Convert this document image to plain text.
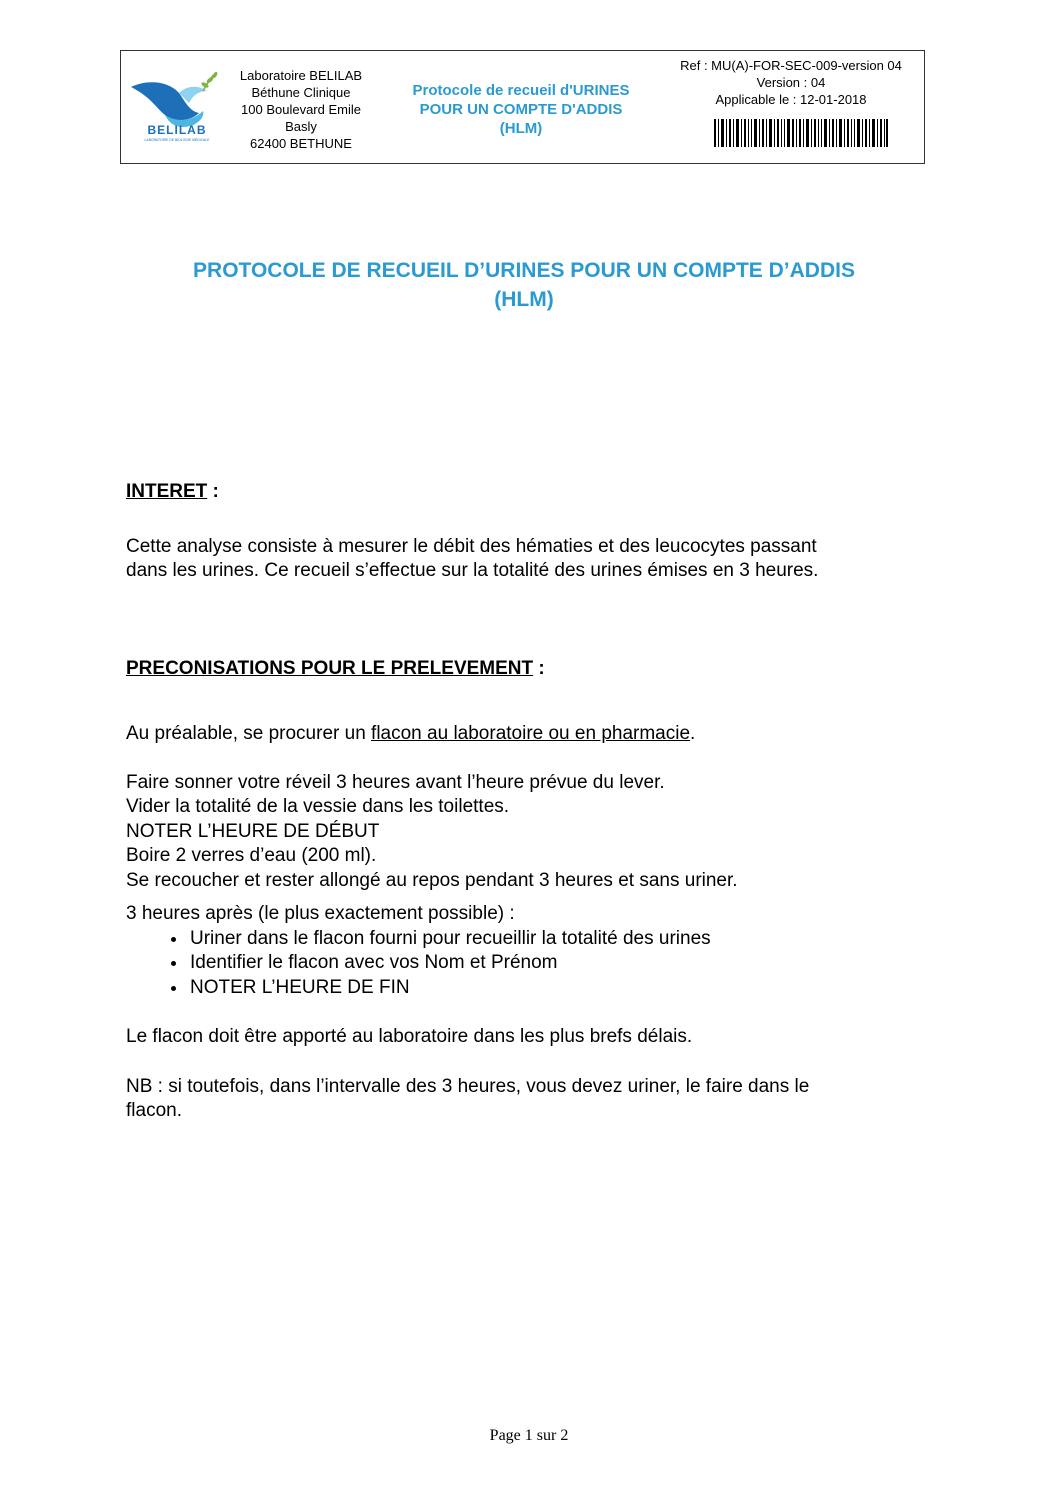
BELILAB
LABORATOIRE DE BIOLOGIE MÉDICALE
Laboratoire BELILAB
Béthune Clinique
100 Boulevard Emile
Basly
62400 BETHUNE
Protocole de recueil d'URINES
POUR UN COMPTE D'ADDIS
(HLM)
Ref : MU(A)-FOR-SEC-009-version 04
Version : 04
Applicable le : 12-01-2018
PROTOCOLE DE RECUEIL D’URINES POUR UN COMPTE D’ADDIS
(HLM)

INTERET :

Cette analyse consiste à mesurer le débit des hématies et des leucocytes passant
dans les urines. Ce recueil s’effectue sur la totalité des urines émises en 3 heures.

PRECONISATIONS POUR LE PRELEVEMENT :

Au préalable, se procurer un flacon au laboratoire ou en pharmacie.

Faire sonner votre réveil 3 heures avant l’heure prévue du lever.
Vider la totalité de la vessie dans les toilettes.
NOTER L’HEURE DE DÉBUT
Boire 2 verres d’eau (200 ml).
Se recoucher et rester allongé au repos pendant 3 heures et sans uriner.

3 heures après (le plus exactement possible) :

• Uriner dans le flacon fourni pour recueillir la totalité des urines
• Identifier le flacon avec vos Nom et Prénom
• NOTER L’HEURE DE FIN

Le flacon doit être apporté au laboratoire dans les plus brefs délais.

NB : si toutefois, dans l’intervalle des 3 heures, vous devez uriner, le faire dans le
flacon.

Page 1 sur 2
